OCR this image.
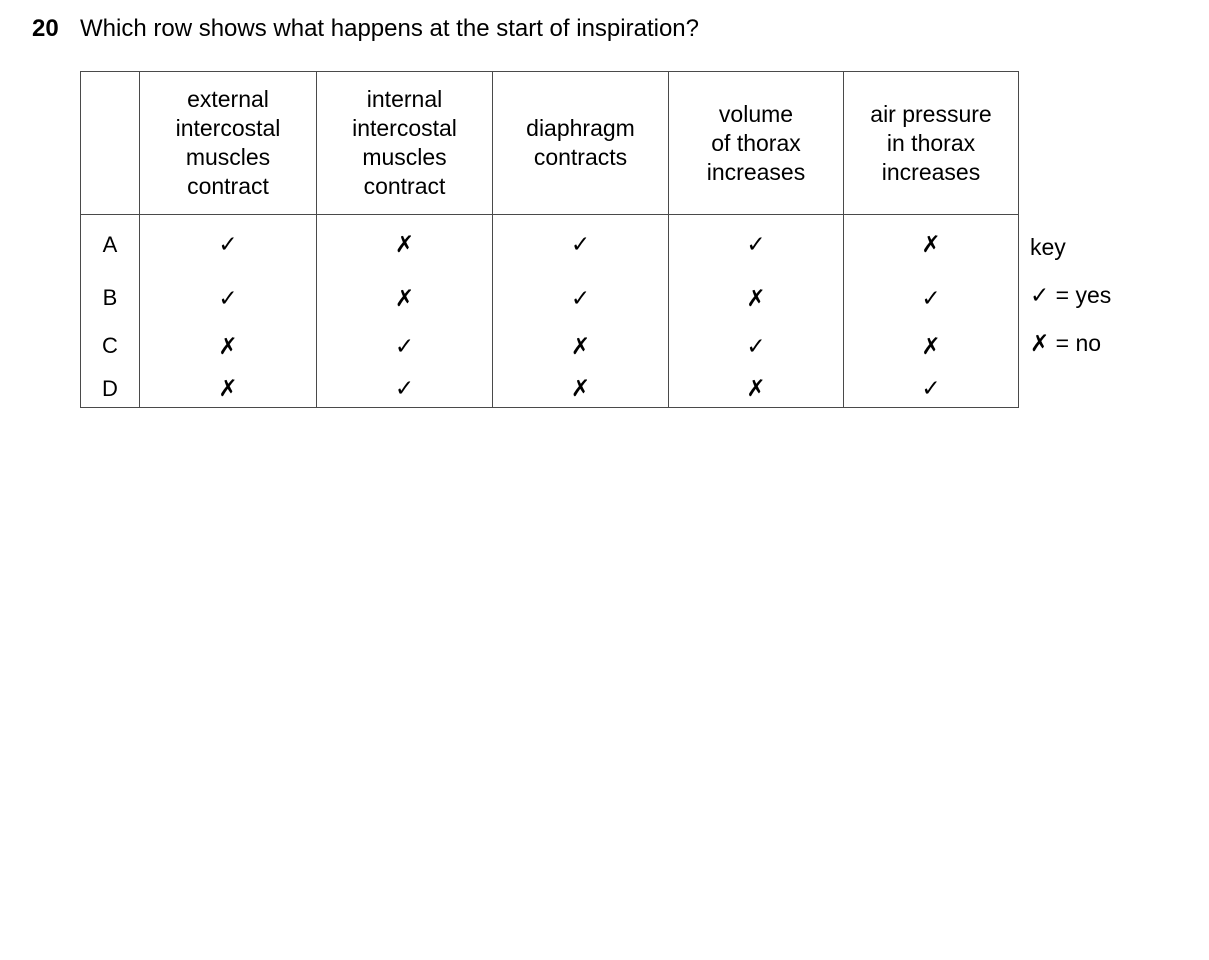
20 Which row shows what happens at the start of inspiration?

	external
intercostal
muscles
contract	internal
intercostal
muscles
contract	diaphragm
contracts	volume
of thorax
increases	air pressure
in thorax
increases

A	✓	✗	✓	✓	✗
B	✓	✗	✓	✗	✓
C	✗	✓	✗	✓	✗
D	✗	✓	✗	✗	✓
key
✓ = yes
✗ = no
